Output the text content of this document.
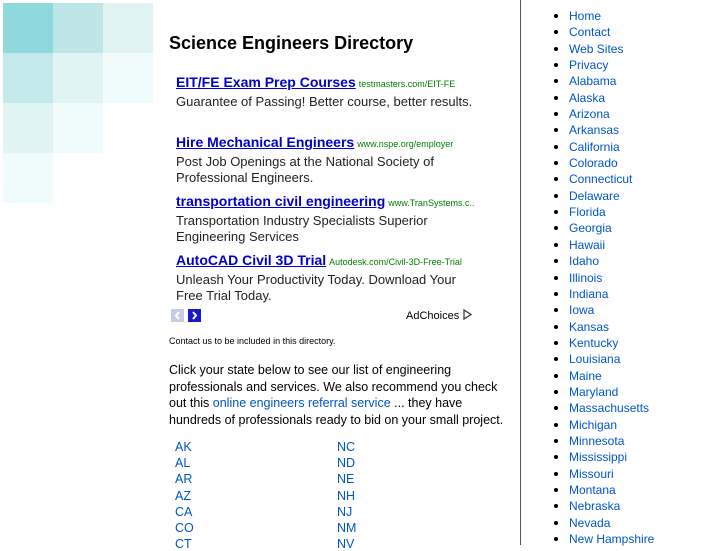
Science Engineers Directory
EIT/FE Exam Prep Courses testmasters.com/EIT-FE
Guarantee of Passing! Better course, better results.
Hire Mechanical Engineers www.nspe.org/employer
Post Job Openings at the National Society of Professional Engineers.
transportation civil engineering www.TranSystems.c..
Transportation Industry Specialists Superior Engineering Services
AutoCAD Civil 3D Trial Autodesk.com/Civil-3D-Free-Trial
Unleash Your Productivity Today. Download Your Free Trial Today.
AdChoices
Contact us to be included in this directory.
Click your state below to see our list of engineering professionals and services. We also recommend you check out this online engineers referral service ... they have hundreds of professionals ready to bid on your small project.
AK
AL
AR
AZ
CA
CO
CT
NC
ND
NE
NH
NJ
NM
NV
Home
Contact
Web Sites
Privacy
Alabama
Alaska
Arizona
Arkansas
California
Colorado
Connecticut
Delaware
Florida
Georgia
Hawaii
Idaho
Illinois
Indiana
Iowa
Kansas
Kentucky
Louisiana
Maine
Maryland
Massachusetts
Michigan
Minnesota
Mississippi
Missouri
Montana
Nebraska
Nevada
New Hampshire
